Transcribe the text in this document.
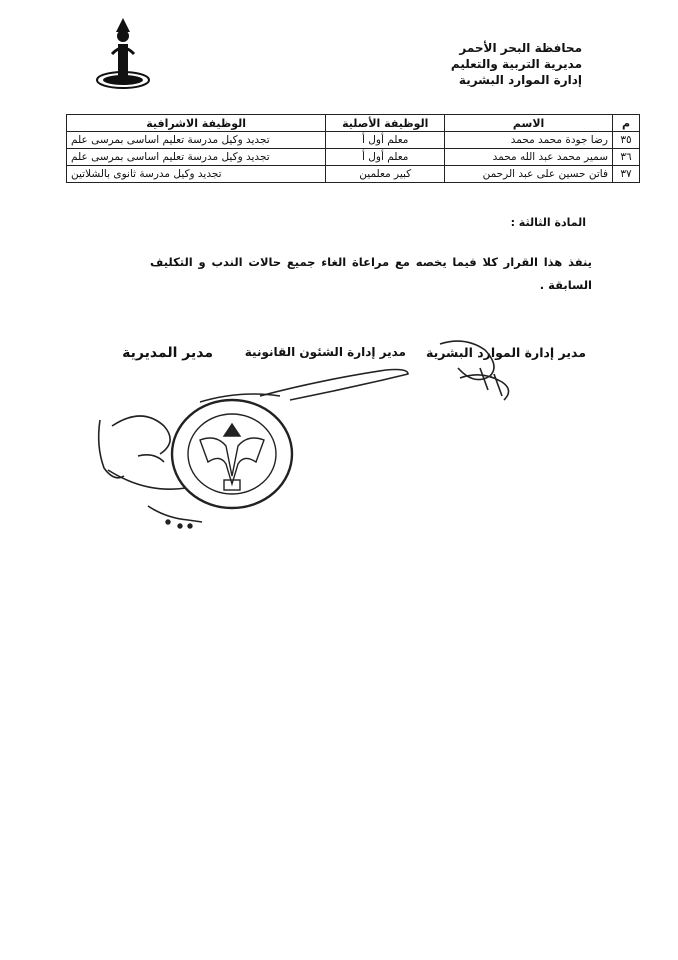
محافظة البحر الأحمر
مديرية التربية والتعليم
إدارة الموارد البشرية
م	الاسم	الوظيفة الأصلية	الوظيفة الاشرافية
٣٥	رضا جودة محمد محمد	معلم أول أ	تجديد وكيل مدرسة تعليم اساسى بمرسى علم
٣٦	سمير محمد عبد الله محمد	معلم أول أ	تجديد وكيل مدرسة تعليم اساسى بمرسى علم
٣٧	فاتن حسين على عبد الرحمن	كبير معلمين	تجديد وكيل مدرسة ثانوى بالشلاتين
المادة الثالثة :
ينفذ هذا القرار كلا فيما يخصه مع مراعاة الغاء جميع حالات الندب و التكليف السابقة .
مدير إدارة الموارد البشرية
مدير إدارة الشئون القانونية
مدير المديرية
